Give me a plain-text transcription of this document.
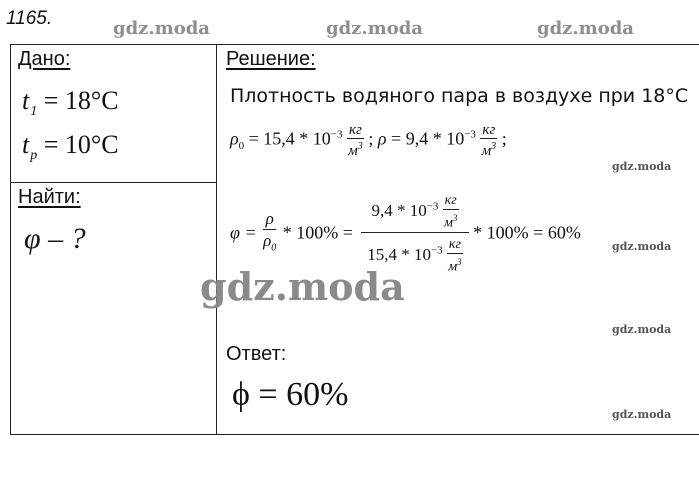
1165.	gdz.moda	gdz.moda	gdz.moda
Дано:
$t_1 = 18^\circ C$
$t_p = 10^\circ C$
Найти:
φ – ?
Решение:
Плотность водяного пара в воздухе при 18°C
$\rho_0 = 15,4 * 10^{-3} \frac{кг}{м^3}$ ; $\rho = 9,4 * 10^{-3} \frac{кг}{м^3}$ ;
gdz.moda
$\varphi = \frac{\rho}{\rho_0} * 100\% = \frac{9,4 * 10^{-3} \frac{кг}{м^3}}{15,4 * 10^{-3} \frac{кг}{м^3}} * 100\% = 60\%$
gdz.moda
gdz.moda
gdz.moda
Ответ:
ϕ = 60%
gdz.moda
